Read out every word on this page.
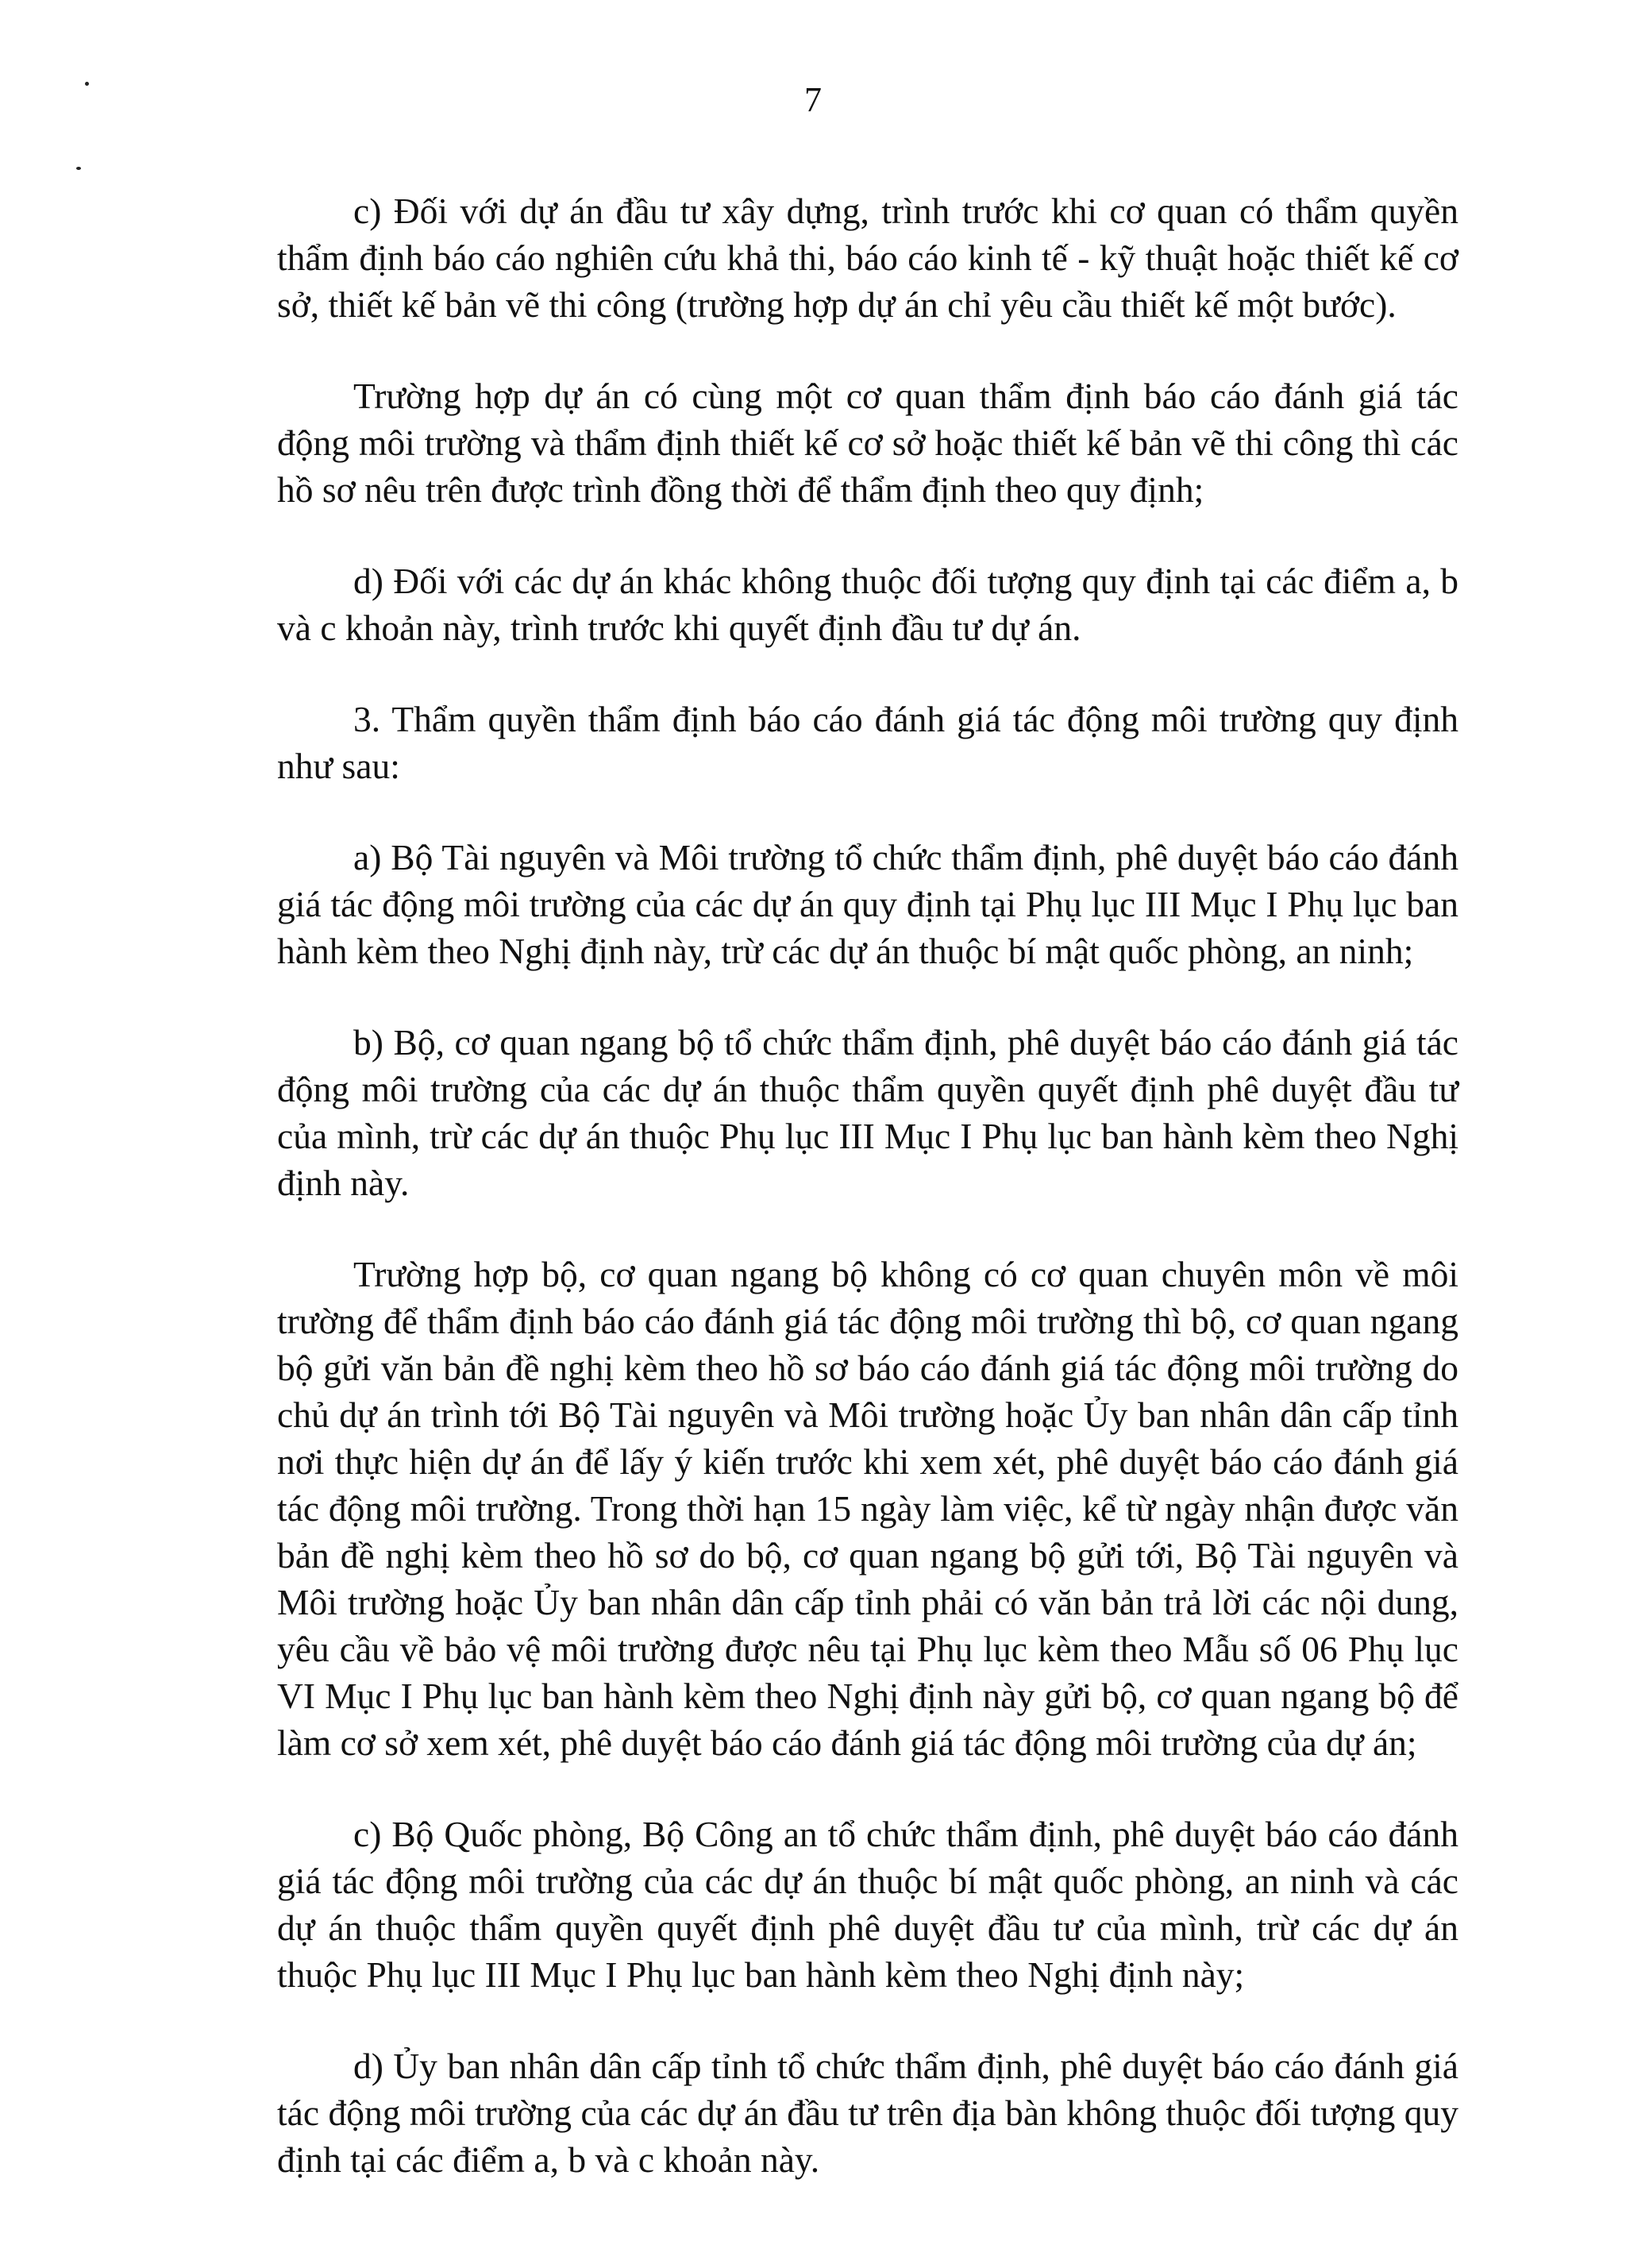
7

c) Đối với dự án đầu tư xây dựng, trình trước khi cơ quan có thẩm quyền thẩm định báo cáo nghiên cứu khả thi, báo cáo kinh tế - kỹ thuật hoặc thiết kế cơ sở, thiết kế bản vẽ thi công (trường hợp dự án chỉ yêu cầu thiết kế một bước).

Trường hợp dự án có cùng một cơ quan thẩm định báo cáo đánh giá tác động môi trường và thẩm định thiết kế cơ sở hoặc thiết kế bản vẽ thi công thì các hồ sơ nêu trên được trình đồng thời để thẩm định theo quy định;

d) Đối với các dự án khác không thuộc đối tượng quy định tại các điểm a, b và c khoản này, trình trước khi quyết định đầu tư dự án.

3. Thẩm quyền thẩm định báo cáo đánh giá tác động môi trường quy định như sau:

a) Bộ Tài nguyên và Môi trường tổ chức thẩm định, phê duyệt báo cáo đánh giá tác động môi trường của các dự án quy định tại Phụ lục III Mục I Phụ lục ban hành kèm theo Nghị định này, trừ các dự án thuộc bí mật quốc phòng, an ninh;

b) Bộ, cơ quan ngang bộ tổ chức thẩm định, phê duyệt báo cáo đánh giá tác động môi trường của các dự án thuộc thẩm quyền quyết định phê duyệt đầu tư của mình, trừ các dự án thuộc Phụ lục III Mục I Phụ lục ban hành kèm theo Nghị định này.

Trường hợp bộ, cơ quan ngang bộ không có cơ quan chuyên môn về môi trường để thẩm định báo cáo đánh giá tác động môi trường thì bộ, cơ quan ngang bộ gửi văn bản đề nghị kèm theo hồ sơ báo cáo đánh giá tác động môi trường do chủ dự án trình tới Bộ Tài nguyên và Môi trường hoặc Ủy ban nhân dân cấp tỉnh nơi thực hiện dự án để lấy ý kiến trước khi xem xét, phê duyệt báo cáo đánh giá tác động môi trường. Trong thời hạn 15 ngày làm việc, kể từ ngày nhận được văn bản đề nghị kèm theo hồ sơ do bộ, cơ quan ngang bộ gửi tới, Bộ Tài nguyên và Môi trường hoặc Ủy ban nhân dân cấp tỉnh phải có văn bản trả lời các nội dung, yêu cầu về bảo vệ môi trường được nêu tại Phụ lục kèm theo Mẫu số 06 Phụ lục VI Mục I Phụ lục ban hành kèm theo Nghị định này gửi bộ, cơ quan ngang bộ để làm cơ sở xem xét, phê duyệt báo cáo đánh giá tác động môi trường của dự án;

c) Bộ Quốc phòng, Bộ Công an tổ chức thẩm định, phê duyệt báo cáo đánh giá tác động môi trường của các dự án thuộc bí mật quốc phòng, an ninh và các dự án thuộc thẩm quyền quyết định phê duyệt đầu tư của mình, trừ các dự án thuộc Phụ lục III Mục I Phụ lục ban hành kèm theo Nghị định này;

d) Ủy ban nhân dân cấp tỉnh tổ chức thẩm định, phê duyệt báo cáo đánh giá tác động môi trường của các dự án đầu tư trên địa bàn không thuộc đối tượng quy định tại các điểm a, b và c khoản này.
